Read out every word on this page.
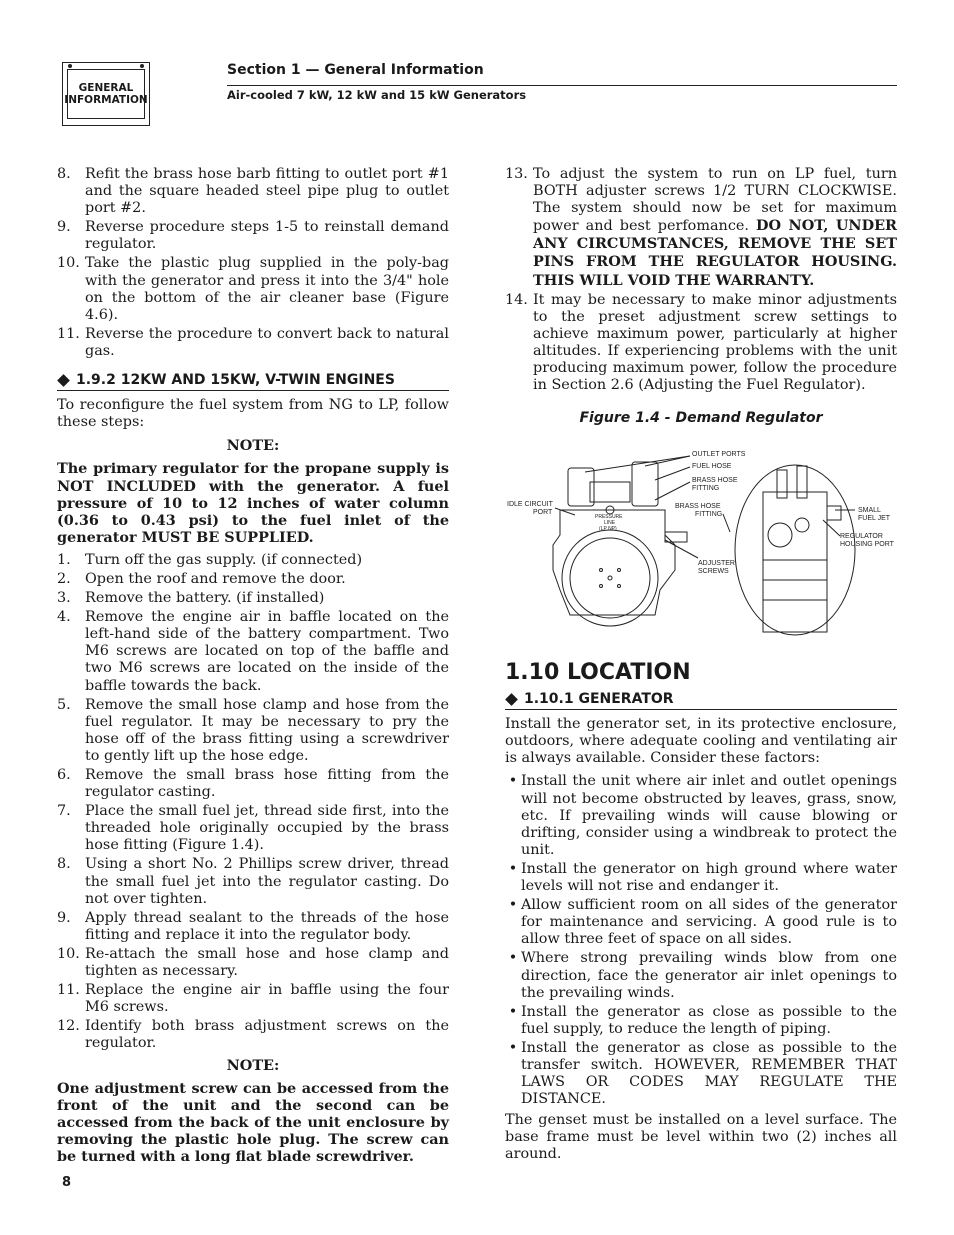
GENERAL
INFORMATION
Section 1 — General Information
Air-cooled 7 kW, 12 kW and 15 kW Generators
8. Refit the brass hose barb fitting to outlet port #1 and the square headed steel pipe plug to outlet port #2.
9. Reverse procedure steps 1-5 to reinstall demand regulator.
10. Take the plastic plug supplied in the poly-bag with the generator and press it into the 3/4" hole on the bottom of the air cleaner base (Figure 4.6).
11. Reverse the procedure to convert back to natural gas.
1.9.2 12KW AND 15KW, V-TWIN ENGINES

To reconfigure the fuel system from NG to LP, follow these steps:

NOTE:

The primary regulator for the propane supply is NOT INCLUDED with the generator. A fuel pressure of 10 to 12 inches of water column (0.36 to 0.43 psi) to the fuel inlet of the generator MUST BE SUPPLIED.

1. Turn off the gas supply. (if connected)
2. Open the roof and remove the door.
3. Remove the battery. (if installed)
4. Remove the engine air in baffle located on the left-hand side of the battery compartment. Two M6 screws are located on top of the baffle and two M6 screws are located on the inside of the baffle towards the back.
5. Remove the small hose clamp and hose from the fuel regulator. It may be necessary to pry the hose off of the brass fitting using a screwdriver to gently lift up the hose edge.
6. Remove the small brass hose fitting from the regulator casting.
7. Place the small fuel jet, thread side first, into the threaded hole originally occupied by the brass hose fitting (Figure 1.4).
8. Using a short No. 2 Phillips screw driver, thread the small fuel jet into the regulator casting. Do not over tighten.
9. Apply thread sealant to the threads of the hose fitting and replace it into the regulator body.
10. Re-attach the small hose and hose clamp and tighten as necessary.
11. Replace the engine air in baffle using the four M6 screws.
12. Identify both brass adjustment screws on the regulator.
NOTE:

One adjustment screw can be accessed from the front of the unit and the second can be accessed from the back of the unit enclosure by removing the plastic hole plug. The screw can be turned with a long flat blade screwdriver.

13. To adjust the system to run on LP fuel, turn BOTH adjuster screws 1/2 TURN CLOCKWISE. The system should now be set for maximum power and best perfomance. DO NOT, UNDER ANY CIRCUMSTANCES, REMOVE THE SET PINS FROM THE REGULATOR HOUSING. THIS WILL VOID THE WARRANTY.
14. It may be necessary to make minor adjustments to the preset adjustment screw settings to achieve maximum power, particularly at higher altitudes. If experiencing problems with the unit producing maximum power, follow the procedure in Section 2.6 (Adjusting the Fuel Regulator).
Figure 1.4 - Demand Regulator
OUTLET PORTS
FUEL HOSE
BRASS HOSE
FITTING
IDLE CIRCUIT
PORT
BRASS HOSE
FITTING
SMALL
FUEL JET
REGULATOR
HOUSING PORT
ADJUSTER
SCREWS
PRESSURE
LINE
(LP NP)
1.10 LOCATION
1.10.1 GENERATOR

Install the generator set, in its protective enclosure, outdoors, where adequate cooling and ventilating air is always available. Consider these factors:

• Install the unit where air inlet and outlet openings will not become obstructed by leaves, grass, snow, etc. If prevailing winds will cause blowing or drifting, consider using a windbreak to protect the unit.
• Install the generator on high ground where water levels will not rise and endanger it.
• Allow sufficient room on all sides of the generator for maintenance and servicing. A good rule is to allow three feet of space on all sides.
• Where strong prevailing winds blow from one direction, face the generator air inlet openings to the prevailing winds.
• Install the generator as close as possible to the fuel supply, to reduce the length of piping.
• Install the generator as close as possible to the transfer switch. HOWEVER, REMEMBER THAT LAWS OR CODES MAY REGULATE THE DISTANCE.

The genset must be installed on a level surface. The base frame must be level within two (2) inches all around.

8
